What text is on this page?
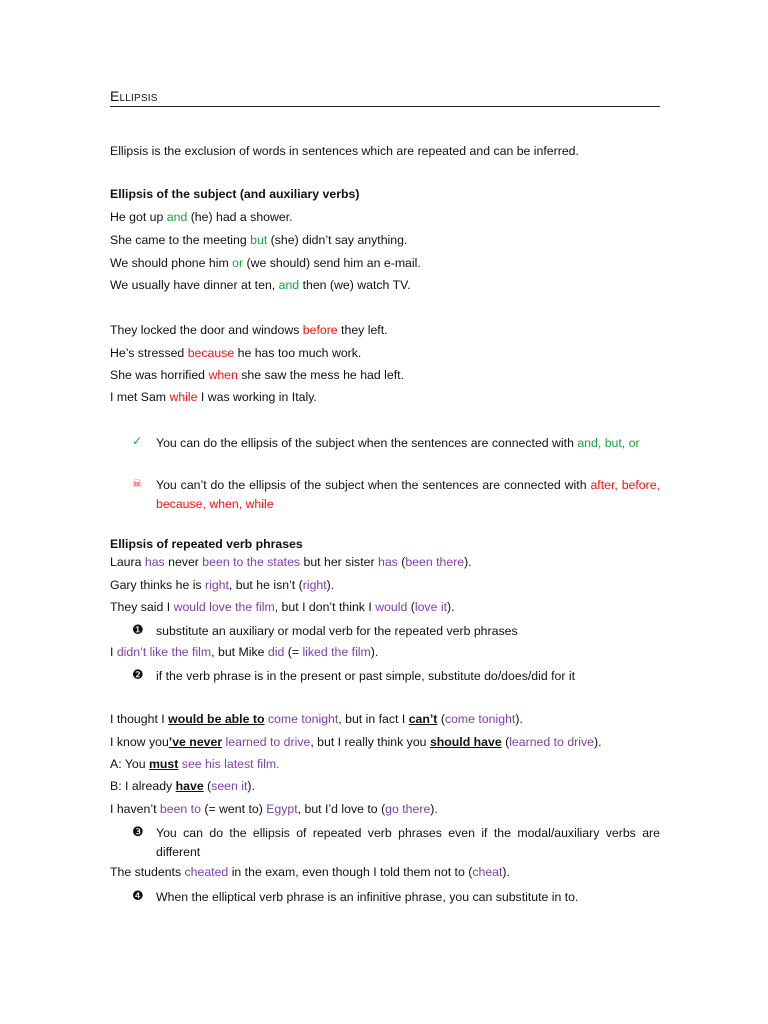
Ellipsis
Ellipsis is the exclusion of words in sentences which are repeated and can be inferred.
Ellipsis of the subject (and auxiliary verbs)
He got up and (he) had a shower.
She came to the meeting but (she) didn’t say anything.
We should phone him or (we should) send him an e-mail.
We usually have dinner at ten, and then (we) watch TV.
They locked the door and windows before they left.
He’s stressed because he has too much work.
She was horrified when she saw the mess he had left.
I met Sam while I was working in Italy.
✓ You can do the ellipsis of the subject when the sentences are connected with and, but, or
☠ You can’t do the ellipsis of the subject when the sentences are connected with after, before, because, when, while
Ellipsis of repeated verb phrases
Laura has never been to the states but her sister has (been there).
Gary thinks he is right, but he isn’t (right).
They said I would love the film, but I don’t think I would (love it).
❶ substitute an auxiliary or modal verb for the repeated verb phrases
I didn’t like the film, but Mike did (= liked the film).
❷ if the verb phrase is in the present or past simple, substitute do/does/did for it
I thought I would be able to come tonight, but in fact I can’t (come tonight).
I know you’ve never learned to drive, but I really think you should have (learned to drive).
A: You must see his latest film.
B: I already have (seen it).
I haven’t been to (= went to) Egypt, but I’d love to (go there).
❸ You can do the ellipsis of repeated verb phrases even if the modal/auxiliary verbs are different
The students cheated in the exam, even though I told them not to (cheat).
❹ When the elliptical verb phrase is an infinitive phrase, you can substitute in to.
